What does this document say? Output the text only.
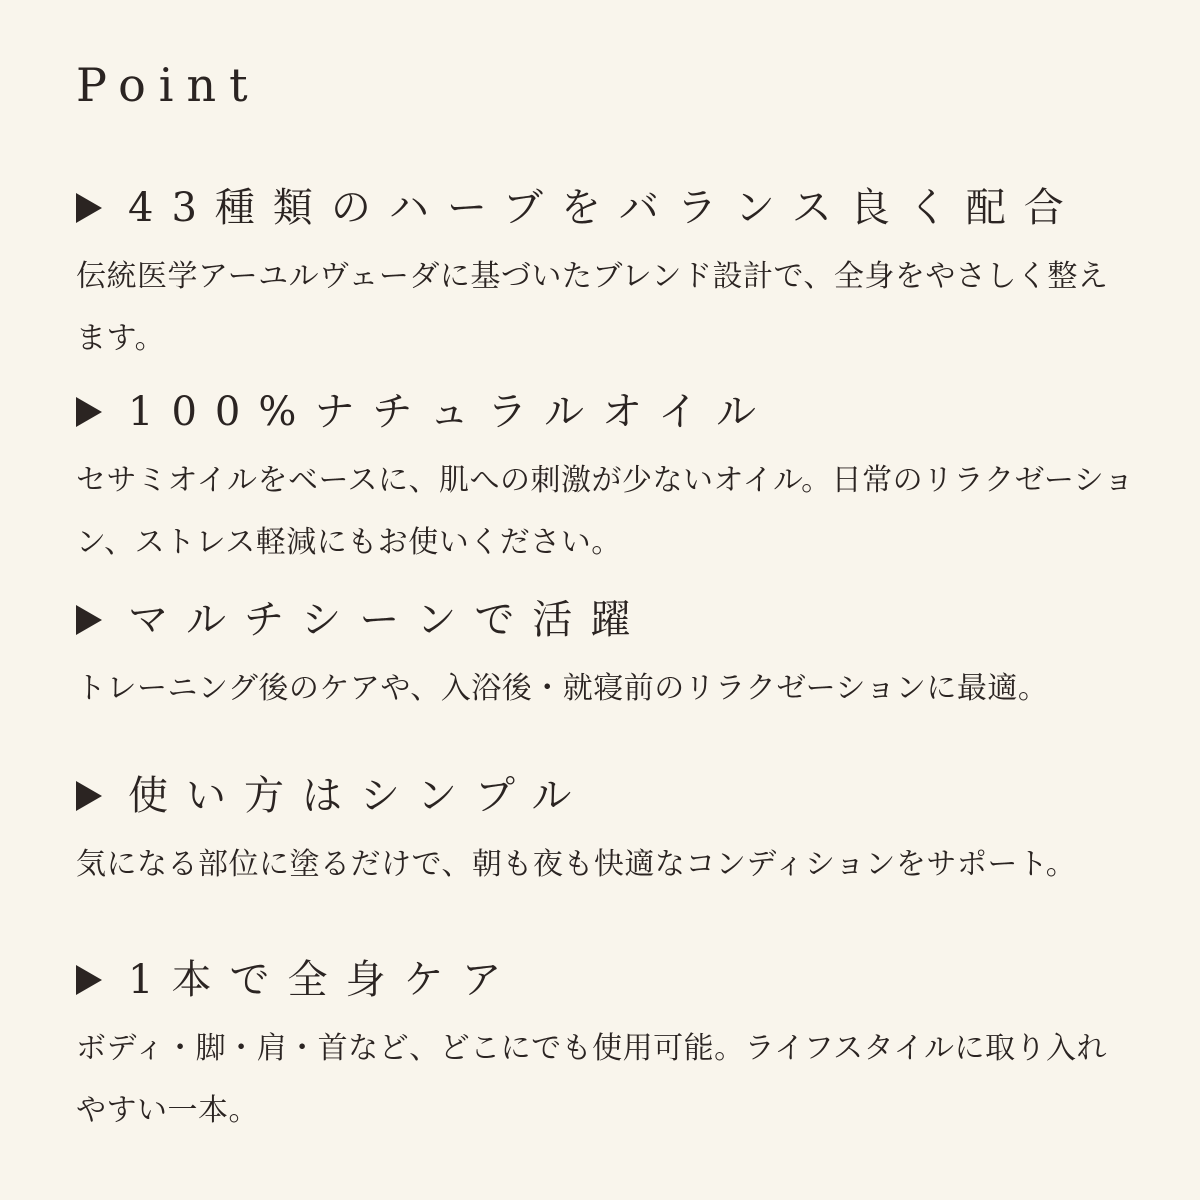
Point
43種類のハーブをバランス良く配合

伝統医学アーユルヴェーダに基づいたブレンド設計で、全身をやさしく整えます。

100%ナチュラルオイル

セサミオイルをベースに、肌への刺激が少ないオイル。日常のリラクゼーション、ストレス軽減にもお使いください。

マルチシーンで活躍

トレーニング後のケアや、入浴後・就寝前のリラクゼーションに最適。

使い方はシンプル

気になる部位に塗るだけで、朝も夜も快適なコンディションをサポート。

1本で全身ケア

ボディ・脚・肩・首など、どこにでも使用可能。ライフスタイルに取り入れやすい一本。
